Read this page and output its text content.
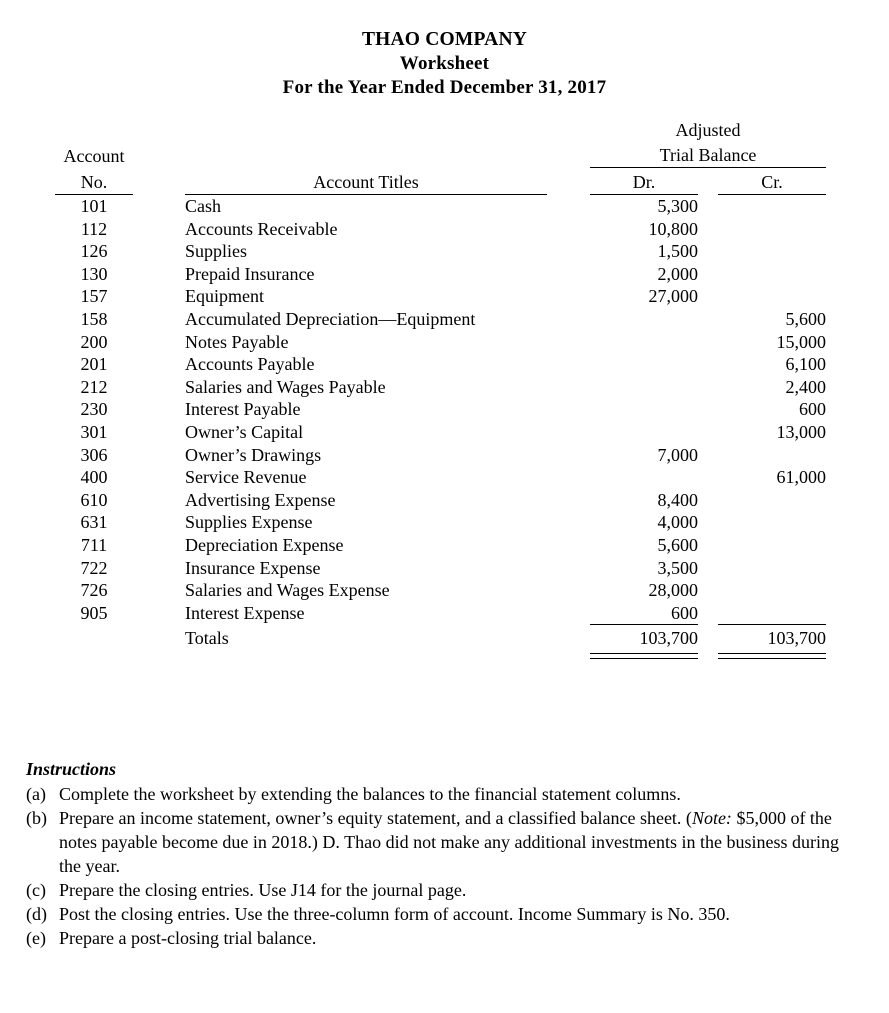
THAO COMPANY
Worksheet
For the Year Ended December 31, 2017
					Adjusted			
	Account				Trial Balance			
	No.		Account Titles		Dr.		Cr.	
	101		Cash		5,300			
	112		Accounts Receivable		10,800			
	126		Supplies		1,500			
	130		Prepaid Insurance		2,000			
	157		Equipment		27,000			
	158		Accumulated Depreciation—Equipment				5,600	
	200		Notes Payable				15,000	
	201		Accounts Payable				6,100	
	212		Salaries and Wages Payable				2,400	
	230		Interest Payable				600	
	301		Owner’s Capital				13,000	
	306		Owner’s Drawings		7,000			
	400		Service Revenue				61,000	
	610		Advertising Expense		8,400			
	631		Supplies Expense		4,000			
	711		Depreciation Expense		5,600			
	722		Insurance Expense		3,500			
	726		Salaries and Wages Expense		28,000			
	905		Interest Expense		600			
			Totals		103,700		103,700	

Instructions
(a) Complete the worksheet by extending the balances to the financial statement columns.
(b) Prepare an income statement, owner’s equity statement, and a classified balance sheet. (Note: $5,000 of the notes payable become due in 2018.) D. Thao did not make any additional investments in the business during the year.
(c) Prepare the closing entries. Use J14 for the journal page.
(d) Post the closing entries. Use the three-column form of account. Income Summary is No. 350.
(e) Prepare a post-closing trial balance.
